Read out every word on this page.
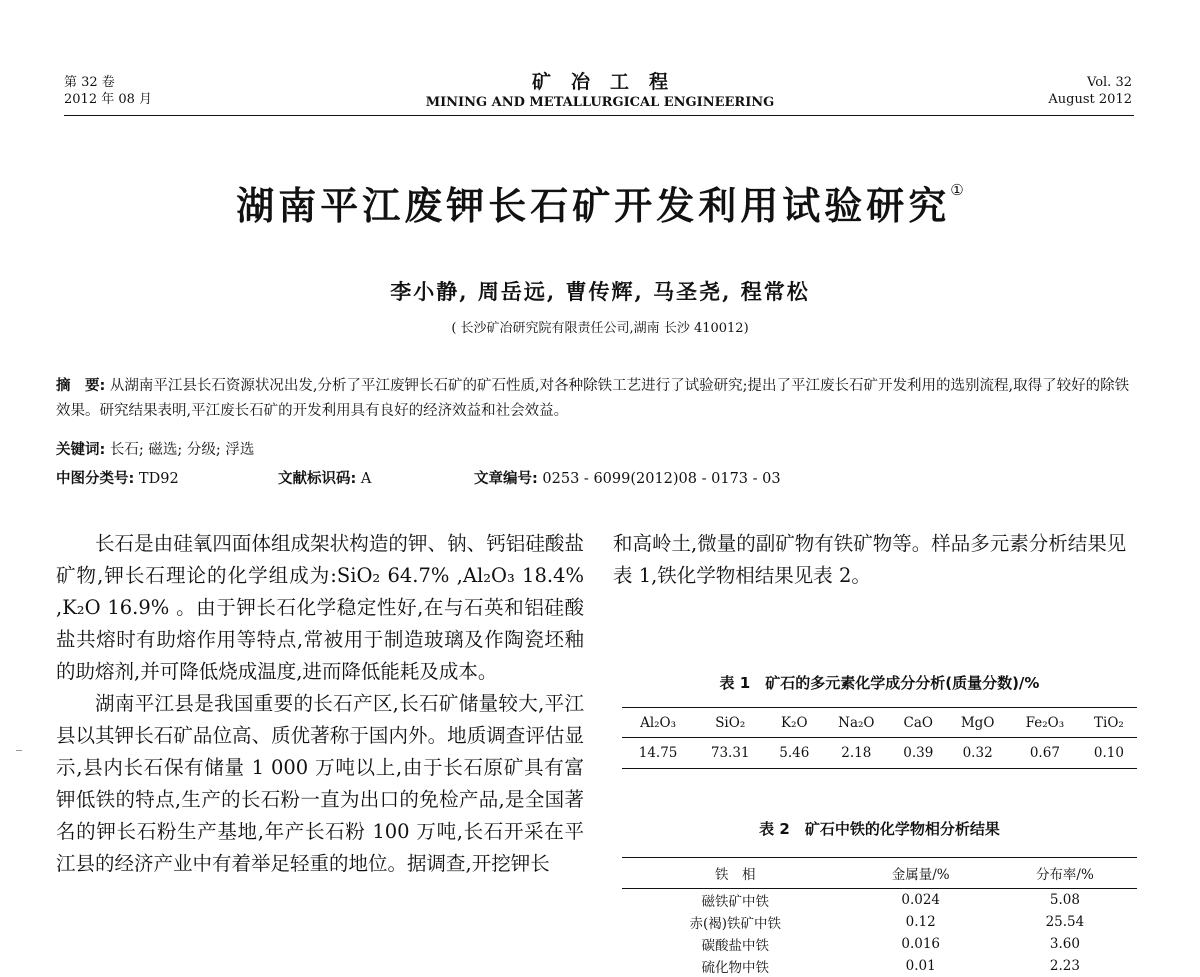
第 32 卷
2012 年 08 月
矿冶工程
MINING AND METALLURGICAL ENGINEERING
Vol. 32
August 2012
湖南平江废钾长石矿开发利用试验研究①
李小静, 周岳远, 曹传辉, 马圣尧, 程常松
( 长沙矿冶研究院有限责任公司,湖南 长沙 410012)
摘　要: 从湖南平江县长石资源状况出发,分析了平江废钾长石矿的矿石性质,对各种除铁工艺进行了试验研究;提出了平江废长石矿开发利用的选别流程,取得了较好的除铁效果。研究结果表明,平江废长石矿的开发利用具有良好的经济效益和社会效益。
关键词: 长石; 磁选; 分级; 浮选
中图分类号: TD92	文献标识码: A	文章编号: 0253 - 6099(2012)08 - 0173 - 03

长石是由硅氧四面体组成架状构造的钾、钠、钙铝硅酸盐矿物,钾长石理论的化学组成为:SiO₂ 64.7% ,Al₂O₃ 18.4% ,K₂O 16.9% 。由于钾长石化学稳定性好,在与石英和铝硅酸盐共熔时有助熔作用等特点,常被用于制造玻璃及作陶瓷坯釉的助熔剂,并可降低烧成温度,进而降低能耗及成本。

湖南平江县是我国重要的长石产区,长石矿储量较大,平江县以其钾长石矿品位高、质优著称于国内外。地质调查评估显示,县内长石保有储量 1 000 万吨以上,由于长石原矿具有富钾低铁的特点,生产的长石粉一直为出口的免检产品,是全国著名的钾长石粉生产基地,年产长石粉 100 万吨,长石开采在平江县的经济产业中有着举足轻重的地位。据调查,开挖钾长

和高岭土,微量的副矿物有铁矿物等。样品多元素分析结果见表 1,铁化学物相结果见表 2。

表 1　矿石的多元素化学成分分析(质量分数)/%
Al₂O₃	SiO₂	K₂O	Na₂O	CaO	MgO	Fe₂O₃	TiO₂
14.75	73.31	5.46	2.18	0.39	0.32	0.67	0.10
表 2　矿石中铁的化学物相分析结果
铁　相	金属量/%	分布率/%
磁铁矿中铁	0.024	5.08
赤(褐)铁矿中铁	0.12	25.54
碳酸盐中铁	0.016	3.60
硫化物中铁	0.01	2.23
